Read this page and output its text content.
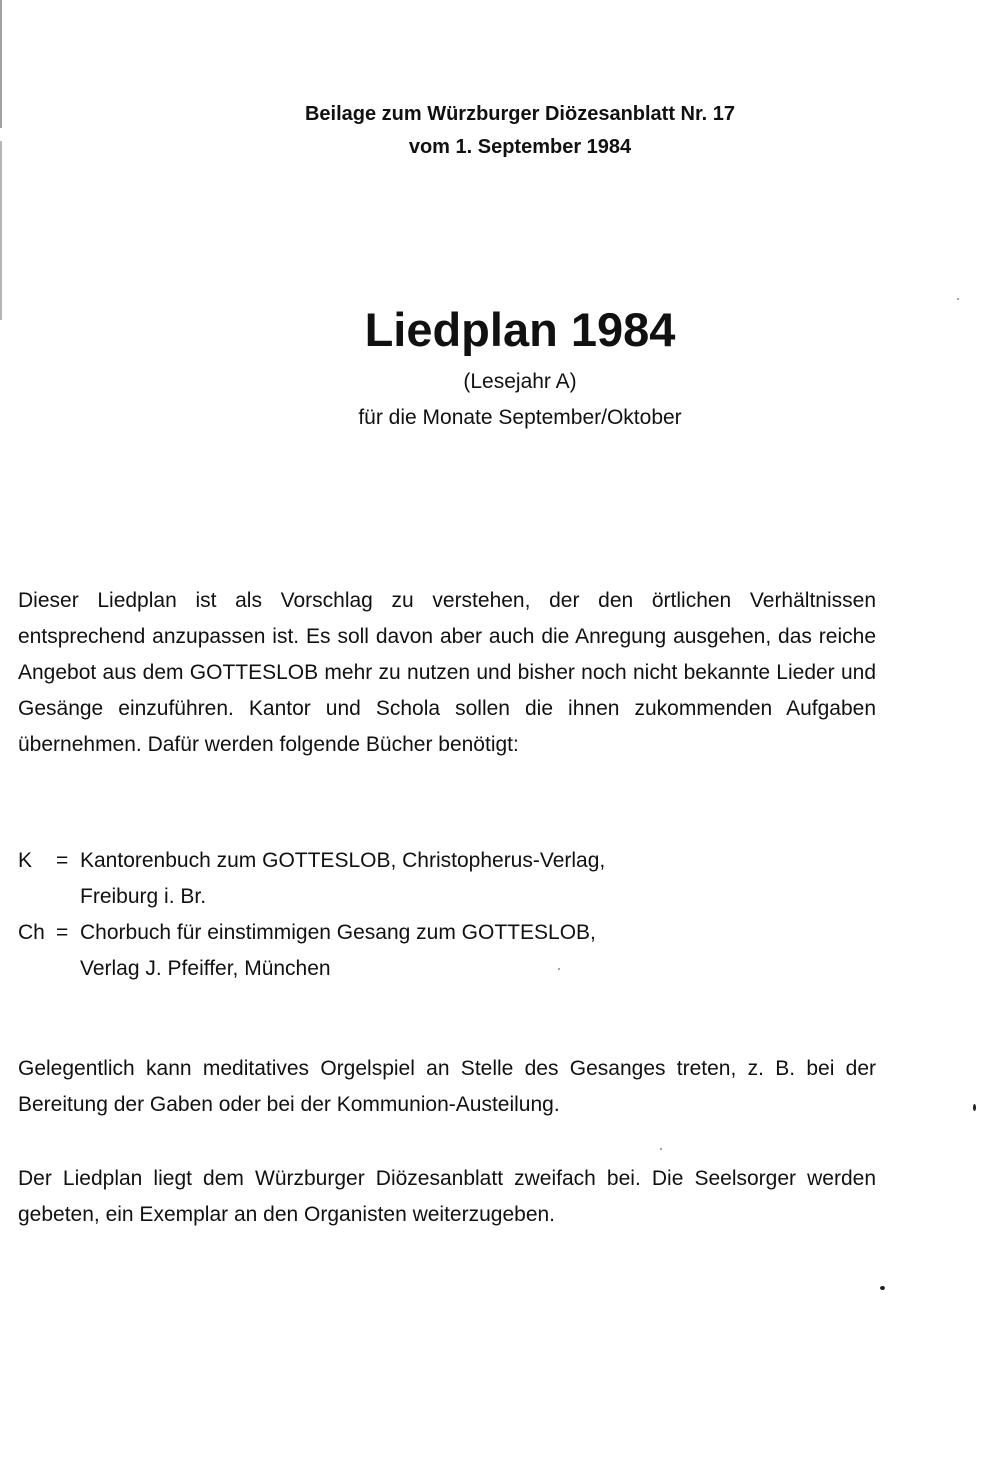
Beilage zum Würzburger Diözesanblatt Nr. 17
vom 1. September 1984
Liedplan 1984
(Lesejahr A)
für die Monate September/Oktober
Dieser Liedplan ist als Vorschlag zu verstehen, der den örtlichen Verhältnissen entsprechend anzupassen ist. Es soll davon aber auch die Anregung ausgehen, das reiche Angebot aus dem GOTTESLOB mehr zu nutzen und bisher noch nicht bekannte Lieder und Gesänge einzuführen. Kantor und Schola sollen die ihnen zukommenden Aufgaben übernehmen. Dafür werden folgende Bücher benötigt:
K	= Kantorenbuch zum GOTTESLOB, Christopherus-Verlag,
Freiburg i. Br.
Ch = Chorbuch für einstimmigen Gesang zum GOTTESLOB,
Verlag J. Pfeiffer, München
Gelegentlich kann meditatives Orgelspiel an Stelle des Gesanges treten, z. B. bei der Bereitung der Gaben oder bei der Kommunion-Austeilung.
Der Liedplan liegt dem Würzburger Diözesanblatt zweifach bei. Die Seelsorger werden gebeten, ein Exemplar an den Organisten weiterzugeben.
